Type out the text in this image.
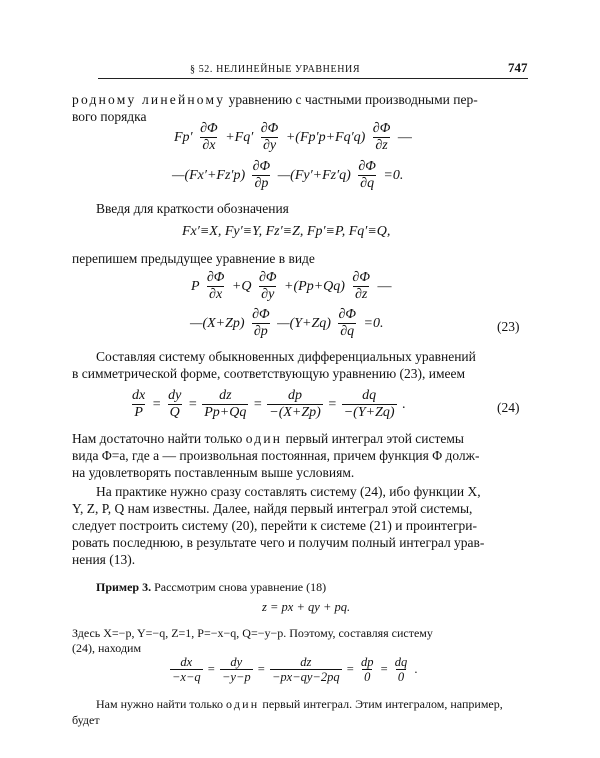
§ 52. НЕЛИНЕЙНЫЕ УРАВНЕНИЯ	747
родному линейному уравнению с частными производными пер-
вого порядка
$Fp' \frac{\partial\Phi}{\partial x} +Fq' \frac{\partial\Phi}{\partial y} +(Fp'p+Fq'q) \frac{\partial\Phi}{\partial z}$ —
—(Fx′+Fz′p) $\frac{\partial\Phi}{\partial p}$ —(Fy′+Fz′q) $\frac{\partial\Phi}{\partial q} =0$.
Введя для краткости обозначения
Fx′≡X, Fy′≡Y, Fz′≡Z, Fp′≡P, Fq′≡Q,
перепишем предыдущее уравнение в виде
P $\frac{\partial\Phi}{\partial x} +Q \frac{\partial\Phi}{\partial y} +(Pp+Qq) \frac{\partial\Phi}{\partial z}$ —
—(X+Zp) $\frac{\partial\Phi}{\partial p}$ —(Y+Zq) $\frac{\partial\Phi}{\partial q} =0$.	(23)
Составляя систему обыкновенных дифференциальных уравнений
в симметрической форме, соответствующую уравнению (23), имеем
$\frac{dx}{P} = \frac{dy}{Q} = \frac{dz}{Pp+Qq} = \frac{dp}{-(X+Zp)} = \frac{dq}{-(Y+Zq)}$ .	(24)
Нам достаточно найти только один первый интеграл этой системы
вида Φ=a, где a — произвольная постоянная, причем функция Φ долж-
на удовлетворять поставленным выше условиям.
На практике нужно сразу составлять систему (24), ибо функции X,
Y, Z, P, Q нам известны. Далее, найдя первый интеграл этой системы,
следует построить систему (20), перейти к системе (21) и проинтегри-
ровать последнюю, в результате чего и получим полный интеграл урав-
нения (13).
Пример 3. Рассмотрим снова уравнение (18)
z = px + qy + pq.
Здесь X=−p, Y=−q, Z=1, P=−x−q, Q=−y−p. Поэтому, составляя систему
(24), находим
$\frac{dx}{-x-q} = \frac{dy}{-y-p} = \frac{dz}{-px-qy-2pq} = \frac{dp}{0} = \frac{dq}{0}$ .
Нам нужно найти только один первый интеграл. Этим интегралом, например,
будет
